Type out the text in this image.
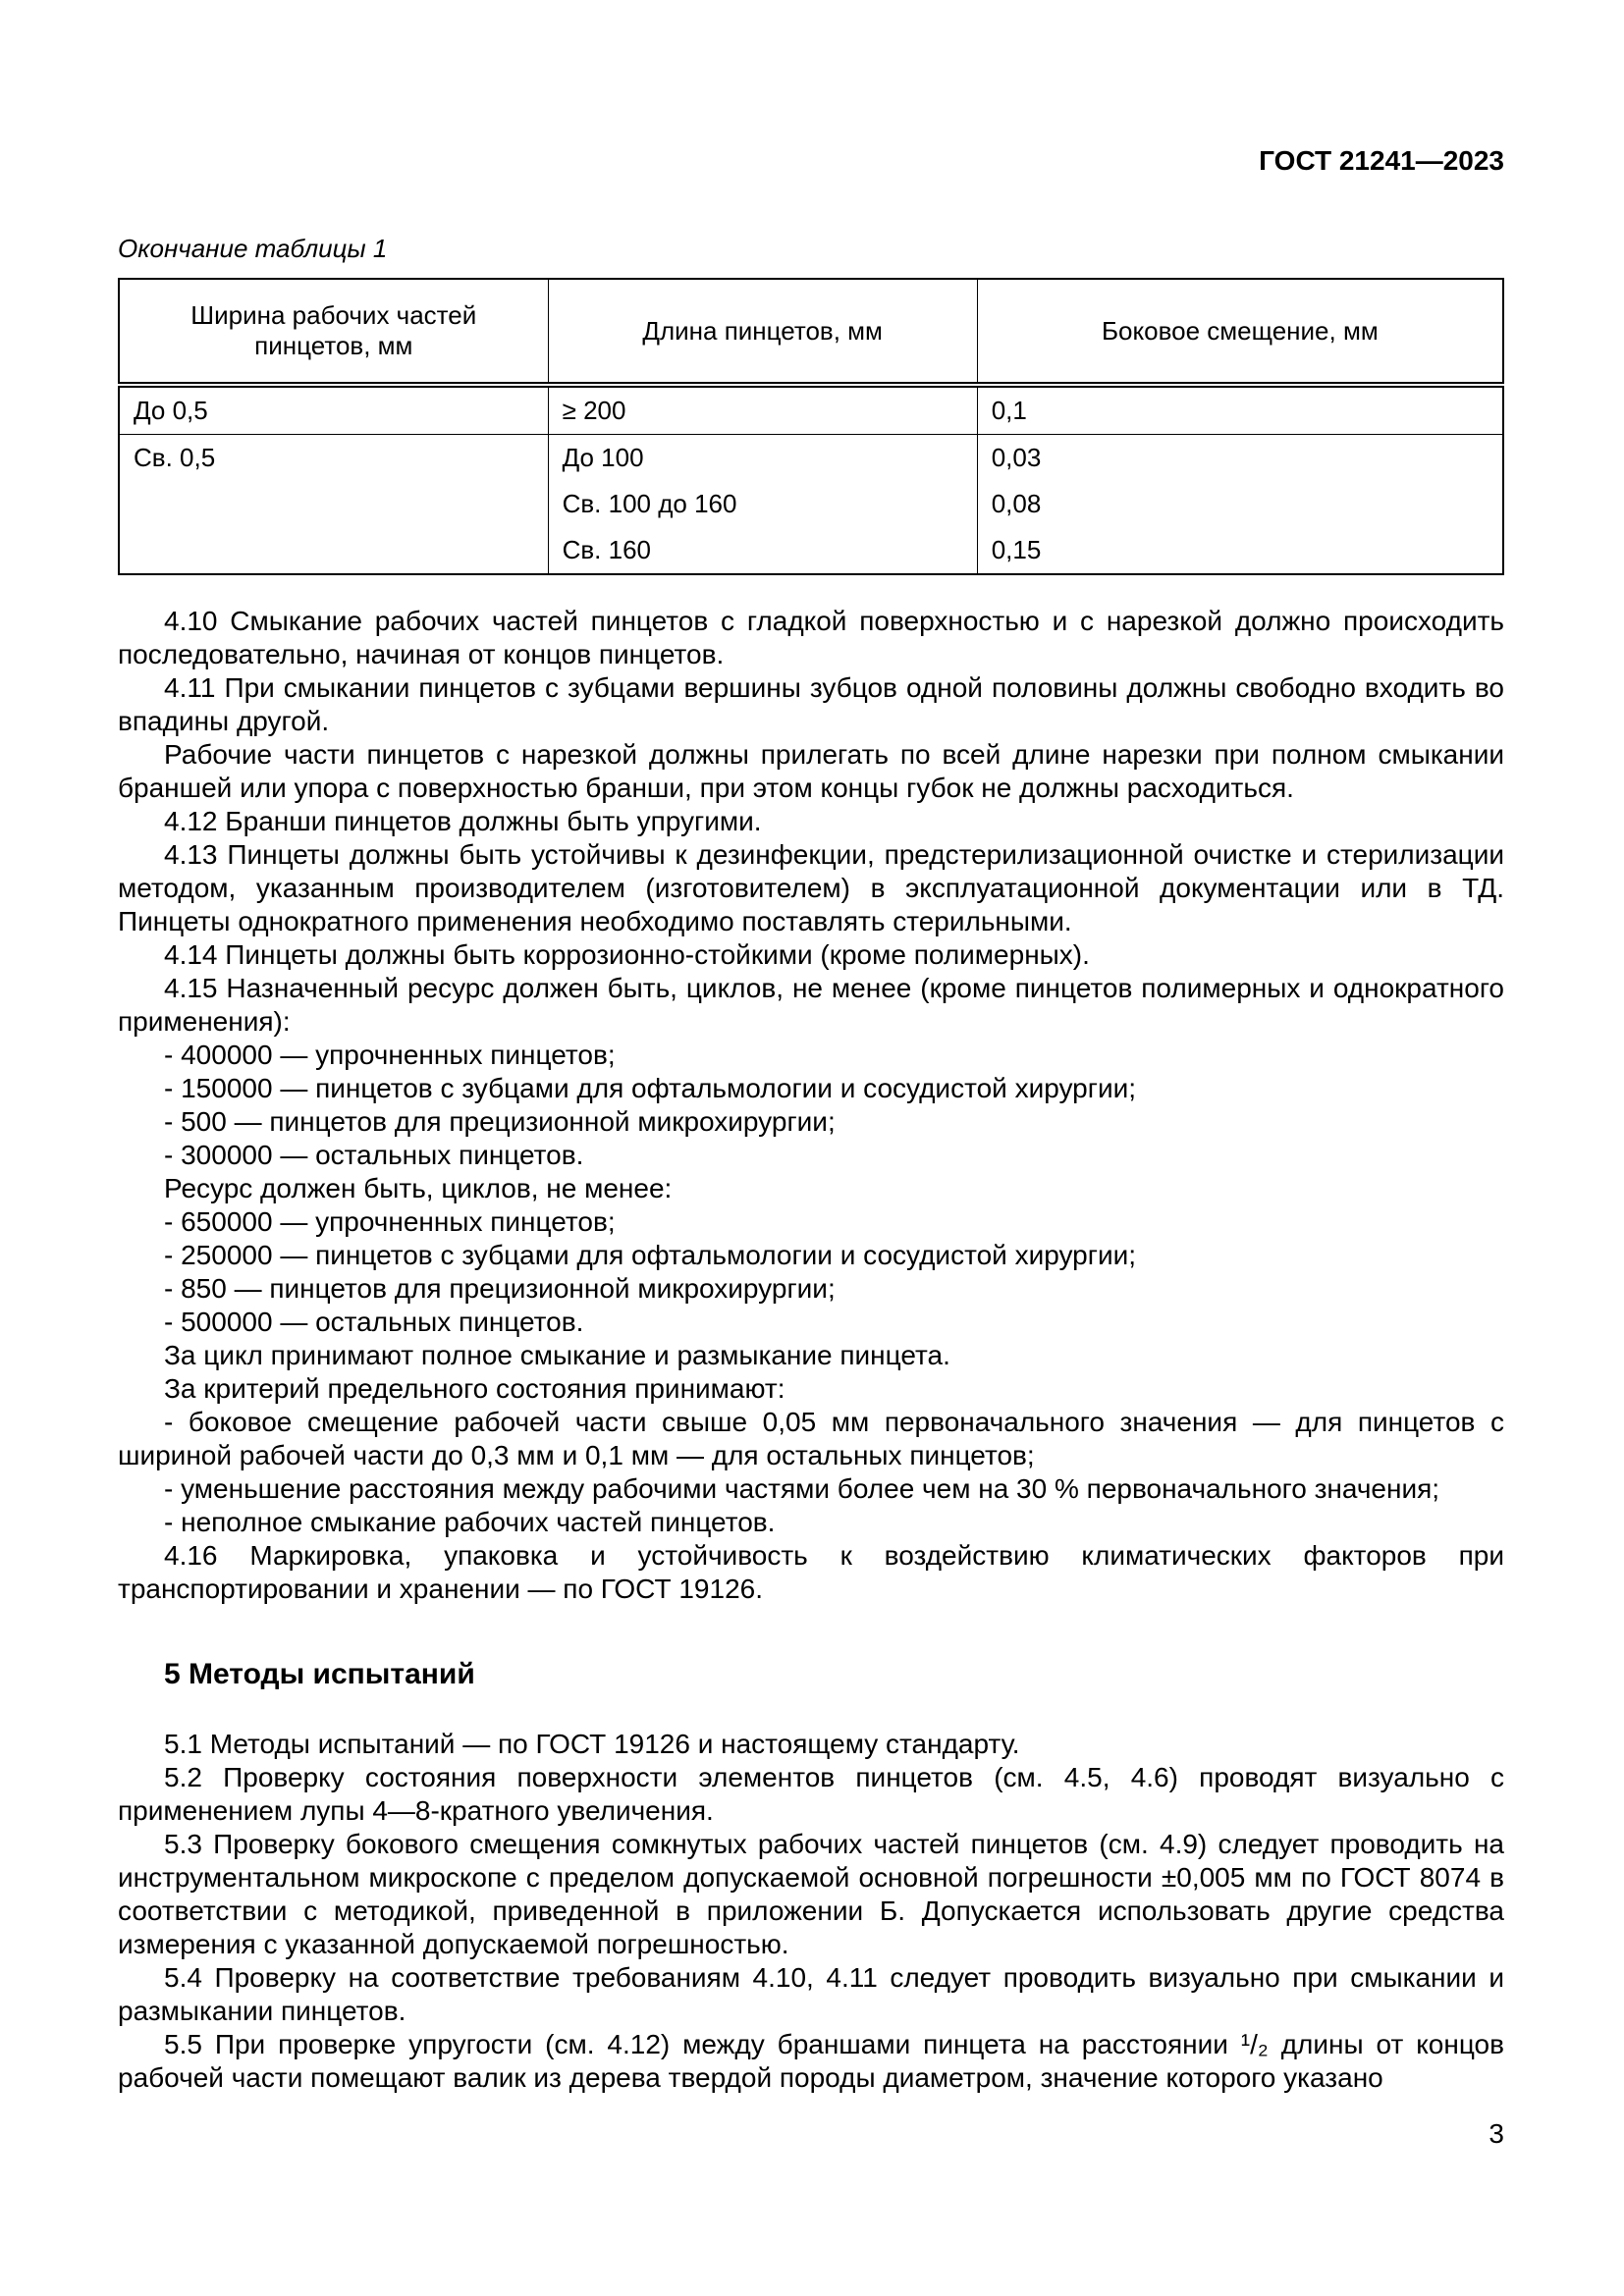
ГОСТ 21241—2023
Окончание таблицы 1
Ширина рабочих частей пинцетов, мм	Длина пинцетов, мм	Боковое смещение, мм
До 0,5	≥ 200	0,1
Св. 0,5	До 100	0,03
	Св. 100 до 160	0,08
	Св. 160	0,15

4.10 Смыкание рабочих частей пинцетов с гладкой поверхностью и с нарезкой должно происходить последовательно, начиная от концов пинцетов.

4.11 При смыкании пинцетов с зубцами вершины зубцов одной половины должны свободно входить во впадины другой.

Рабочие части пинцетов с нарезкой должны прилегать по всей длине нарезки при полном смыкании браншей или упора с поверхностью бранши, при этом концы губок не должны расходиться.

4.12 Бранши пинцетов должны быть упругими.

4.13 Пинцеты должны быть устойчивы к дезинфекции, предстерилизационной очистке и стерилизации методом, указанным производителем (изготовителем) в эксплуатационной документации или в ТД. Пинцеты однократного применения необходимо поставлять стерильными.

4.14 Пинцеты должны быть коррозионно-стойкими (кроме полимерных).

4.15 Назначенный ресурс должен быть, циклов, не менее (кроме пинцетов полимерных и однократного применения):

- 400000 — упрочненных пинцетов;

- 150000 — пинцетов с зубцами для офтальмологии и сосудистой хирургии;

- 500 — пинцетов для прецизионной микрохирургии;

- 300000 — остальных пинцетов.

Ресурс должен быть, циклов, не менее:

- 650000 — упрочненных пинцетов;

- 250000 — пинцетов с зубцами для офтальмологии и сосудистой хирургии;

- 850 — пинцетов для прецизионной микрохирургии;

- 500000 — остальных пинцетов.

За цикл принимают полное смыкание и размыкание пинцета.

За критерий предельного состояния принимают:

- боковое смещение рабочей части свыше 0,05 мм первоначального значения — для пинцетов с шириной рабочей части до 0,3 мм и 0,1 мм — для остальных пинцетов;

- уменьшение расстояния между рабочими частями более чем на 30 % первоначального значения;

- неполное смыкание рабочих частей пинцетов.

4.16 Маркировка, упаковка и устойчивость к воздействию климатических факторов при транспортировании и хранении — по ГОСТ 19126.

5 Методы испытаний

5.1 Методы испытаний — по ГОСТ 19126 и настоящему стандарту.

5.2 Проверку состояния поверхности элементов пинцетов (см. 4.5, 4.6) проводят визуально с применением лупы 4—8-кратного увеличения.

5.3 Проверку бокового смещения сомкнутых рабочих частей пинцетов (см. 4.9) следует проводить на инструментальном микроскопе с пределом допускаемой основной погрешности ±0,005 мм по ГОСТ 8074 в соответствии с методикой, приведенной в приложении Б. Допускается использовать другие средства измерения с указанной допускаемой погрешностью.

5.4 Проверку на соответствие требованиям 4.10, 4.11 следует проводить визуально при смыкании и размыкании пинцетов.

5.5 При проверке упругости (см. 4.12) между браншами пинцета на расстоянии ¹/₂ длины от концов рабочей части помещают валик из дерева твердой породы диаметром, значение которого указано

3
